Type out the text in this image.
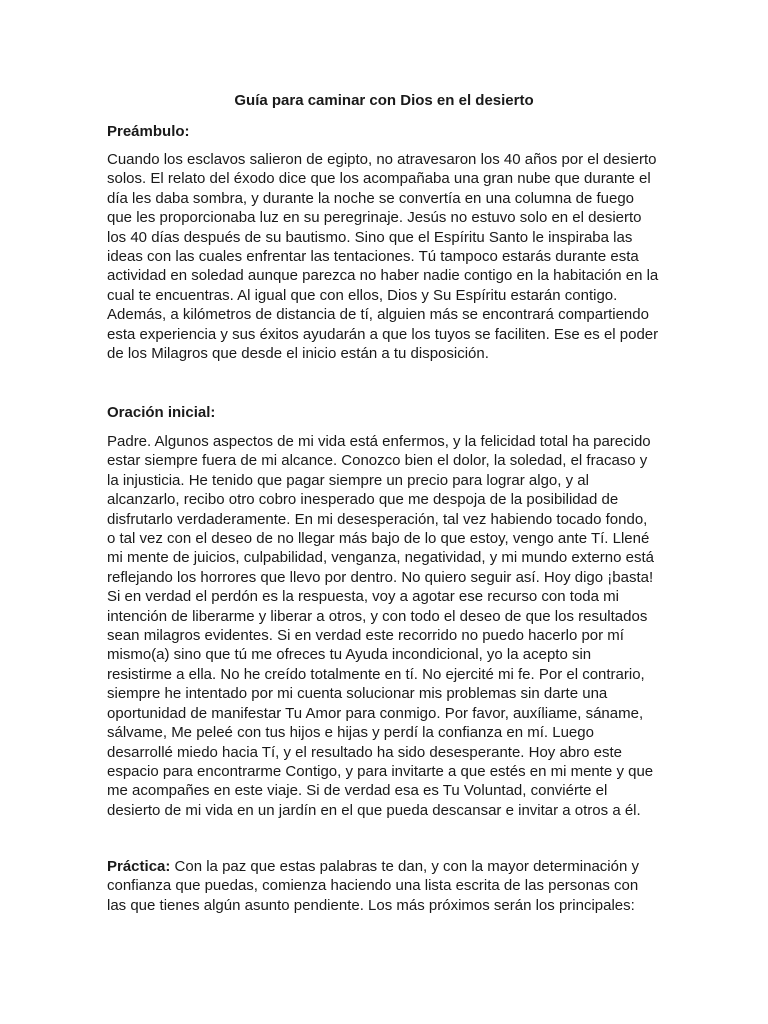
Guía para caminar con Dios en el desierto
Preámbulo:
Cuando los esclavos salieron de egipto, no atravesaron los 40 años por el desierto
solos. El relato del éxodo dice que los acompañaba una gran nube que durante el
día les daba sombra, y durante la noche se convertía en una columna de fuego
que les proporcionaba luz en su peregrinaje. Jesús no estuvo solo en el desierto
los 40 días después de su bautismo. Sino que el Espíritu Santo le inspiraba las
ideas con las cuales enfrentar las tentaciones. Tú tampoco estarás durante esta
actividad en soledad aunque parezca no haber nadie contigo en la habitación en la
cual te encuentras. Al igual que con ellos, Dios y Su Espíritu estarán contigo.
Además, a kilómetros de distancia de tí, alguien más se encontrará compartiendo
esta experiencia y sus éxitos ayudarán a que los tuyos se faciliten. Ese es el poder
de los Milagros que desde el inicio están a tu disposición.
Oración inicial:
Padre. Algunos aspectos de mi vida está enfermos, y la felicidad total ha parecido
estar siempre fuera de mi alcance. Conozco bien el dolor, la soledad, el fracaso y
la injusticia. He tenido que pagar siempre un precio para lograr algo, y al
alcanzarlo, recibo otro cobro inesperado que me despoja de la posibilidad de
disfrutarlo verdaderamente. En mi desesperación, tal vez habiendo tocado fondo,
o tal vez con el deseo de no llegar más bajo de lo que estoy, vengo ante Tí. Llené
mi mente de juicios, culpabilidad, venganza, negatividad, y mi mundo externo está
reflejando los horrores que llevo por dentro. No quiero seguir así. Hoy digo ¡basta!
Si en verdad el perdón es la respuesta, voy a agotar ese recurso con toda mi
intención de liberarme y liberar a otros, y con todo el deseo de que los resultados
sean milagros evidentes. Si en verdad este recorrido no puedo hacerlo por mí
mismo(a) sino que tú me ofreces tu Ayuda incondicional, yo la acepto sin
resistirme a ella. No he creído totalmente en tí. No ejercité mi fe. Por el contrario,
siempre he intentado por mi cuenta solucionar mis problemas sin darte una
oportunidad de manifestar Tu Amor para conmigo. Por favor, auxíliame, sáname,
sálvame, Me peleé con tus hijos e hijas y perdí la confianza en mí. Luego
desarrollé miedo hacia Tí, y el resultado ha sido desesperante. Hoy abro este
espacio para encontrarme Contigo, y para invitarte a que estés en mi mente y que
me acompañes en este viaje. Si de verdad esa es Tu Voluntad, conviérte el
desierto de mi vida en un jardín en el que pueda descansar e invitar a otros a él.
Práctica: Con la paz que estas palabras te dan, y con la mayor determinación y
confianza que puedas, comienza haciendo una lista escrita de las personas con
las que tienes algún asunto pendiente. Los más próximos serán los principales:
